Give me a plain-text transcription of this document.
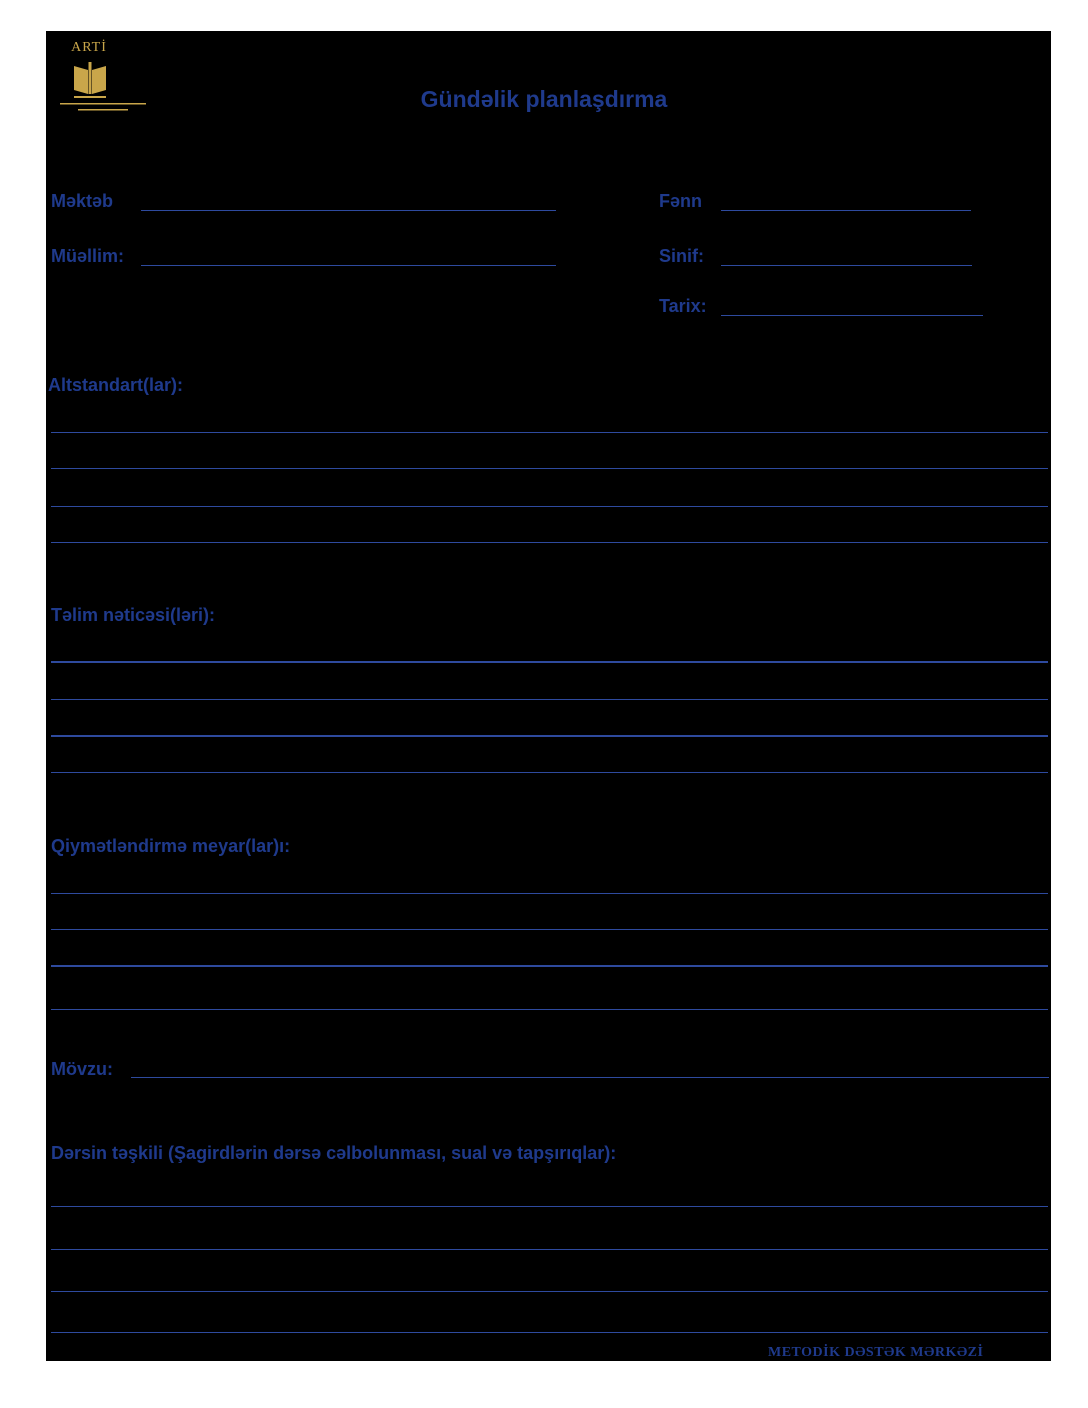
ARTİ
Gündəlik planlaşdırma
Məktəb	Fənn
Müəllim:	Sinif:
Tarix:
Altstandart(lar):
Təlim nəticəsi(ləri):
Qiymətləndirmə meyar(lar)ı:
Mövzu:
Dərsin təşkili (Şagirdlərin dərsə cəlbolunması, sual və tapşırıqlar):
METODİK DƏSTƏK MƏRKƏZİ
